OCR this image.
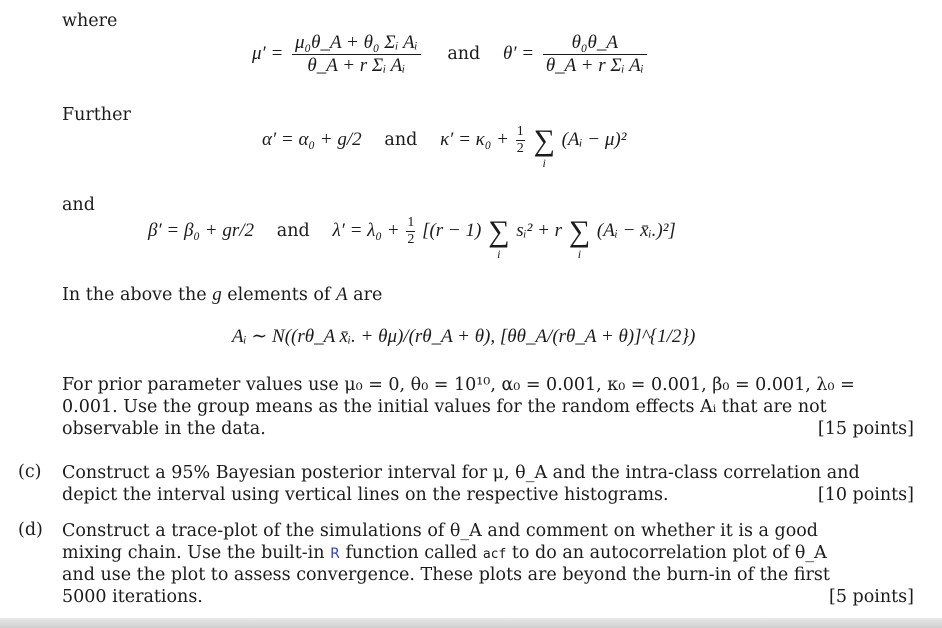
where
$\mu' = \frac{\text{μ₀θ\_A + θ₀ Σᵢ Aᵢ}}{\text{θ\_A + r Σᵢ Aᵢ}}$ and $\theta' = \frac{\text{θ₀θ\_A}}{\text{θ\_A + r Σᵢ Aᵢ}}$
Further
α′ = α₀ + g/2 and $\kappa' = \kappa_0 + \frac{1}{2}$
∑
i
(Aᵢ − μ)²
and
β′ = β₀ + gr/2 and $\lambda' = \lambda_0 + \frac{1}{2} [(r - 1)$ ∑
i
sᵢ² + r ∑
i
(Aᵢ − x̄ᵢ.)²]
In the above the g elements of A are
Aᵢ ∼ N((rθ_A x̄ᵢ. + θμ)/(rθ_A + θ), [θθ_A/(rθ_A + θ)]^{1/2})
For prior parameter values use μ₀ = 0, θ₀ = 10¹⁰, α₀ = 0.001, κ₀ = 0.001, β₀ = 0.001, λ₀ =
0.001. Use the group means as the initial values for the random effects Aᵢ that are not
observable in the data.	[15 points]
(c) Construct a 95% Bayesian posterior interval for μ, θ_A and the intra-class correlation and
depict the interval using vertical lines on the respective histograms.	[10 points]
(d) Construct a trace-plot of the simulations of θ_A and comment on whether it is a good
mixing chain. Use the built-in R function called acf to do an autocorrelation plot of θ_A
and use the plot to assess convergence. These plots are beyond the burn-in of the first
5000 iterations.	[5 points]
